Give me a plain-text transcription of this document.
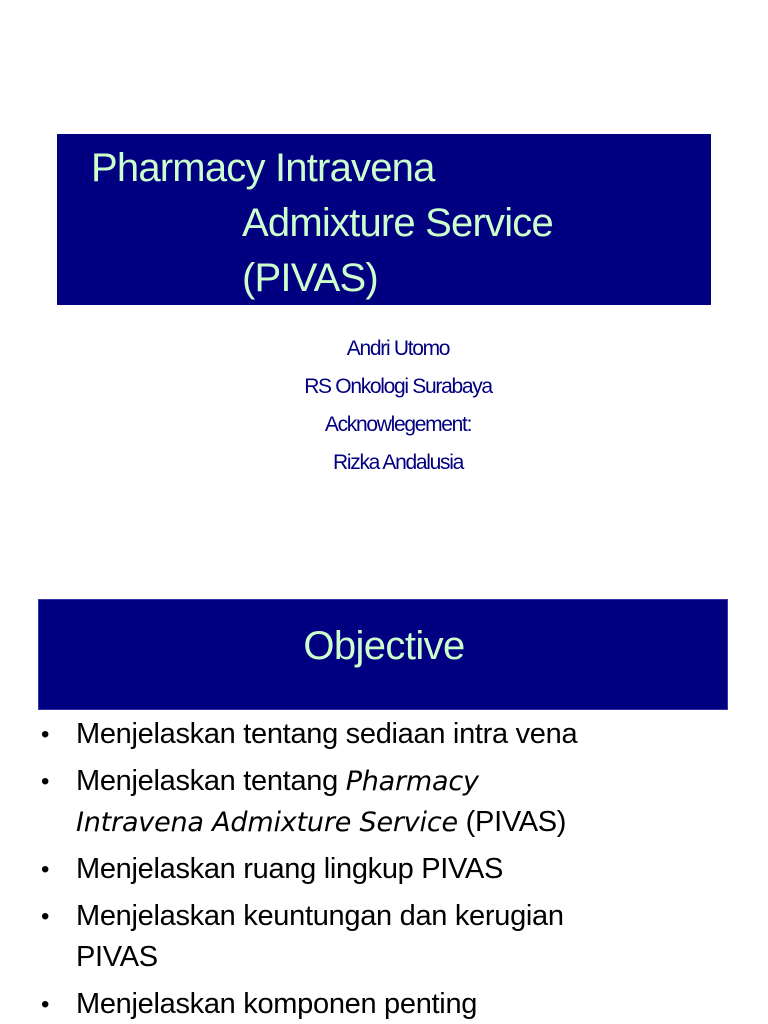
Pharmacy Intravena
Admixture Service
(PIVAS)
Andri Utomo
RS Onkologi Surabaya
Acknowlegement:
Rizka Andalusia
Objective
• Menjelaskan tentang sediaan intra vena
• Menjelaskan tentang Pharmacy
Intravena Admixture Service (PIVAS)
• Menjelaskan ruang lingkup PIVAS
• Menjelaskan keuntungan dan kerugian
PIVAS
• Menjelaskan komponen penting
